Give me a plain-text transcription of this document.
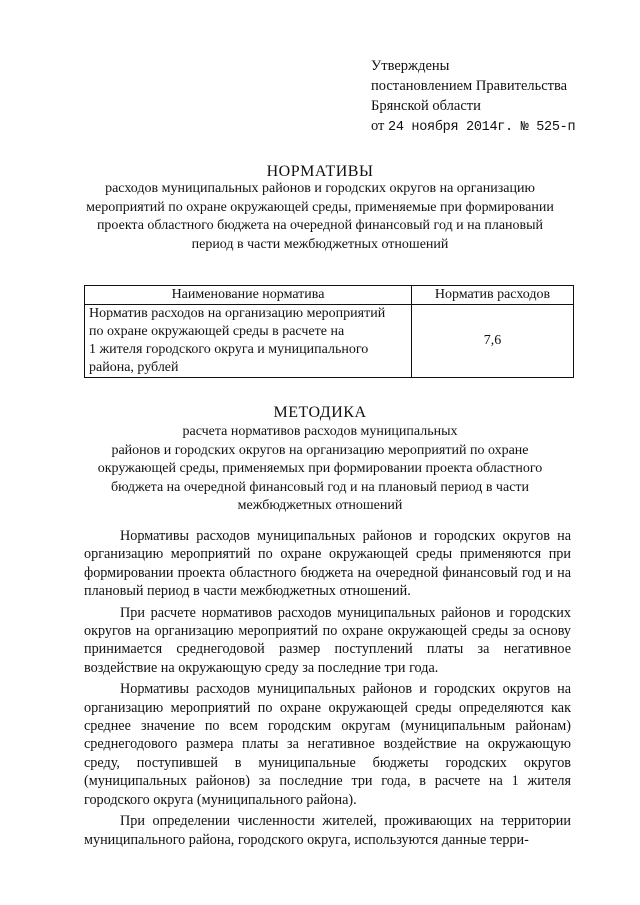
Утверждены
постановлением Правительства
Брянской области
от 24 ноября 2014г. № 525-п
НОРМАТИВЫ
расходов муниципальных районов и городских округов на организацию
мероприятий по охране окружающей среды, применяемые при формировании
проекта областного бюджета на очередной финансовый год и на плановый
период в части межбюджетных отношений
Наименование норматива	Норматив расходов

Норматив расходов на организацию мероприятий
по охране окружающей среды в расчете на
1 жителя городского округа и муниципального
района, рублей	7,6
МЕТОДИКА
расчета нормативов расходов муниципальных
районов и городских округов на организацию мероприятий по охране
окружающей среды, применяемых при формировании проекта областного
бюджета на очередной финансовый год и на плановый период в части
межбюджетных отношений

Нормативы расходов муниципальных районов и городских округов на организацию мероприятий по охране окружающей среды применяются при формировании проекта областного бюджета на очередной финансовый год и на плановый период в части межбюджетных отношений.

При расчете нормативов расходов муниципальных районов и городских округов на организацию мероприятий по охране окружающей среды за основу принимается среднегодовой размер поступлений платы за негативное воздействие на окружающую среду за последние три года.

Нормативы расходов муниципальных районов и городских округов на организацию мероприятий по охране окружающей среды определяются как среднее значение по всем городским округам (муниципальным районам) среднегодового размера платы за негативное воздействие на окружающую среду, поступившей в муниципальные бюджеты городских округов (муниципальных районов) за последние три года, в расчете на 1 жителя городского округа (муниципального района).

При определении численности жителей, проживающих на территории муниципального района, городского округа, используются данные терри-
